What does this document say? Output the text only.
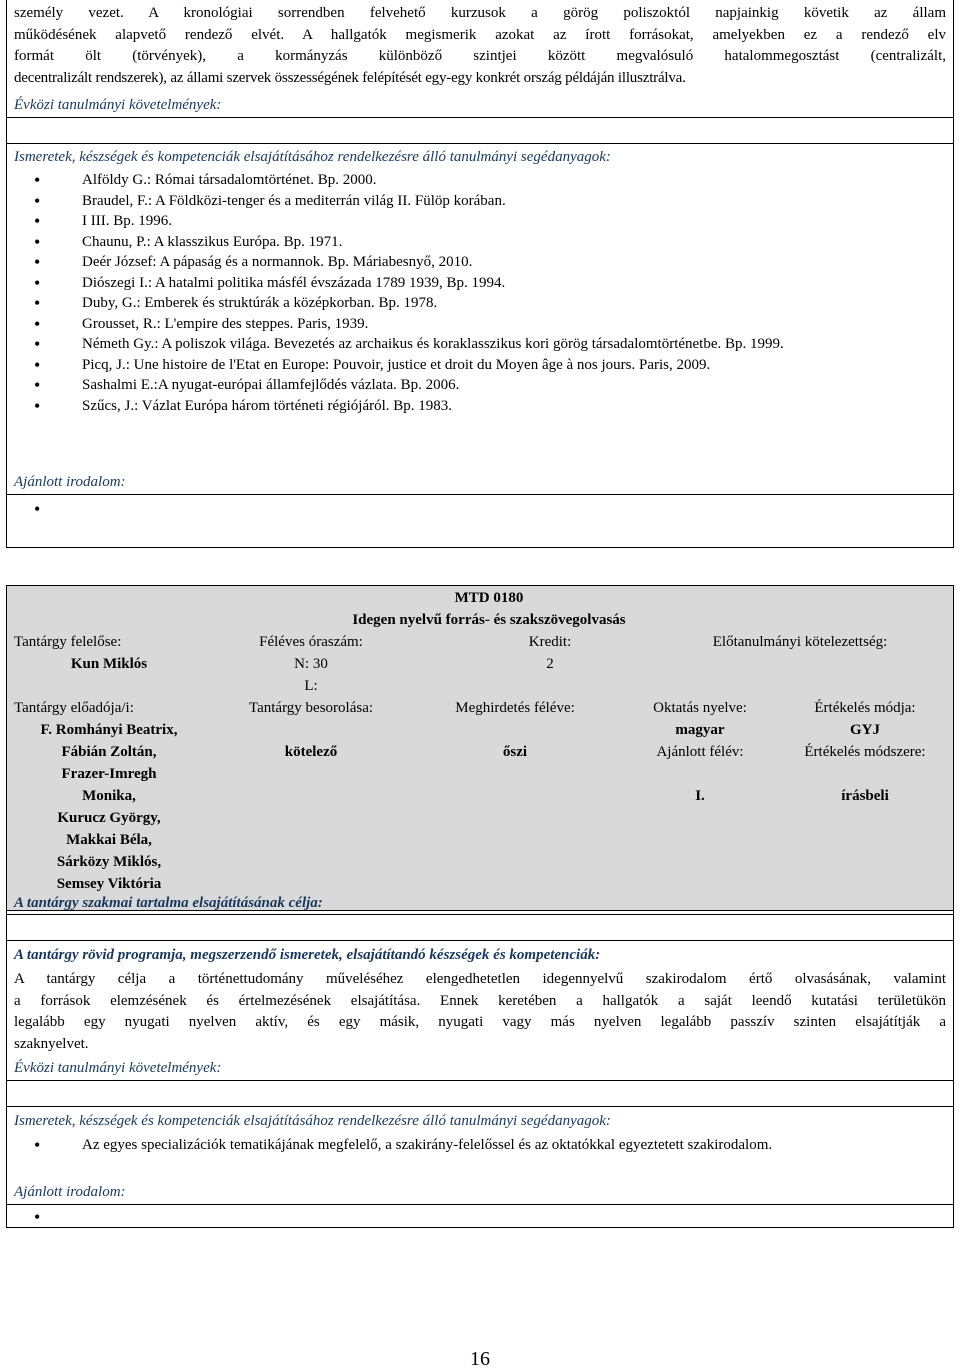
személy vezet. A kronológiai sorrendben felvehető kurzusok a görög poliszoktól napjainkig követik az állam
működésének alapvető rendező elvét. A hallgatók megismerik azokat az írott forrásokat, amelyekben ez a rendező elv
formát ölt (törvények), a kormányzás különböző szintjei között megvalósuló hatalommegosztást (centralizált,
decentralizált rendszerek), az állami szervek összességének felépítését egy-egy konkrét ország példáján illusztrálva.
Évközi tanulmányi követelmények:
Ismeretek, készségek és kompetenciák elsajátításához rendelkezésre álló tanulmányi segédanyagok:
• Alföldy G.: Római társadalomtörténet. Bp. 2000.
• Braudel, F.: A Földközi-tenger és a mediterrán világ II. Fülöp korában.
• I III. Bp. 1996.
• Chaunu, P.: A klasszikus Európa. Bp. 1971.
• Deér József: A pápaság és a normannok. Bp. Máriabesnyő, 2010.
• Diószegi I.: A hatalmi politika másfél évszázada 1789 1939, Bp. 1994.
• Duby, G.: Emberek és struktúrák a középkorban. Bp. 1978.
• Grousset, R.: L'empire des steppes. Paris, 1939.
• Németh Gy.: A poliszok világa. Bevezetés az archaikus és koraklasszikus kori görög társadalomtörténetbe. Bp. 1999.
• Picq, J.: Une histoire de l'Etat en Europe: Pouvoir, justice et droit du Moyen âge à nos jours. Paris, 2009.
• Sashalmi E.:A nyugat-európai államfejlődés vázlata. Bp. 2006.
• Szűcs, J.: Vázlat Európa három történeti régiójáról. Bp. 1983.
Ajánlott irodalom:
•
MTD 0180
Idegen nyelvű forrás- és szakszövegolvasás
Tantárgy felelőse:
Kun Miklós
Féléves óraszám:
N: 30
L:
Kredit:
2
Előtanulmányi kötelezettség:
Tantárgy előadója/i:
F. Romhányi Beatrix,
Fábián Zoltán,
Frazer-Imregh
Monika,
Kurucz György,
Makkai Béla,
Sárközy Miklós,
Semsey Viktória
Tantárgy besorolása:
kötelező
Meghirdetés féléve:
őszi
Oktatás nyelve:
magyar
Ajánlott félév:
I.
Értékelés módja:
GYJ
Értékelés módszere:
írásbeli
A tantárgy szakmai tartalma elsajátításának célja:
A tantárgy rövid programja, megszerzendő ismeretek, elsajátítandó készségek és kompetenciák:
A tantárgy célja a történettudomány műveléséhez elengedhetetlen idegennyelvű szakirodalom értő olvasásának, valamint
a források elemzésének és értelmezésének elsajátítása. Ennek keretében a hallgatók a saját leendő kutatási területükön
legalább egy nyugati nyelven aktív, és egy másik, nyugati vagy más nyelven legalább passzív szinten elsajátítják a
szaknyelvet.
Évközi tanulmányi követelmények:
Ismeretek, készségek és kompetenciák elsajátításához rendelkezésre álló tanulmányi segédanyagok:
• Az egyes specializációk tematikájának megfelelő, a szakirány-felelőssel és az oktatókkal egyeztetett szakirodalom.
Ajánlott irodalom:
•
16
